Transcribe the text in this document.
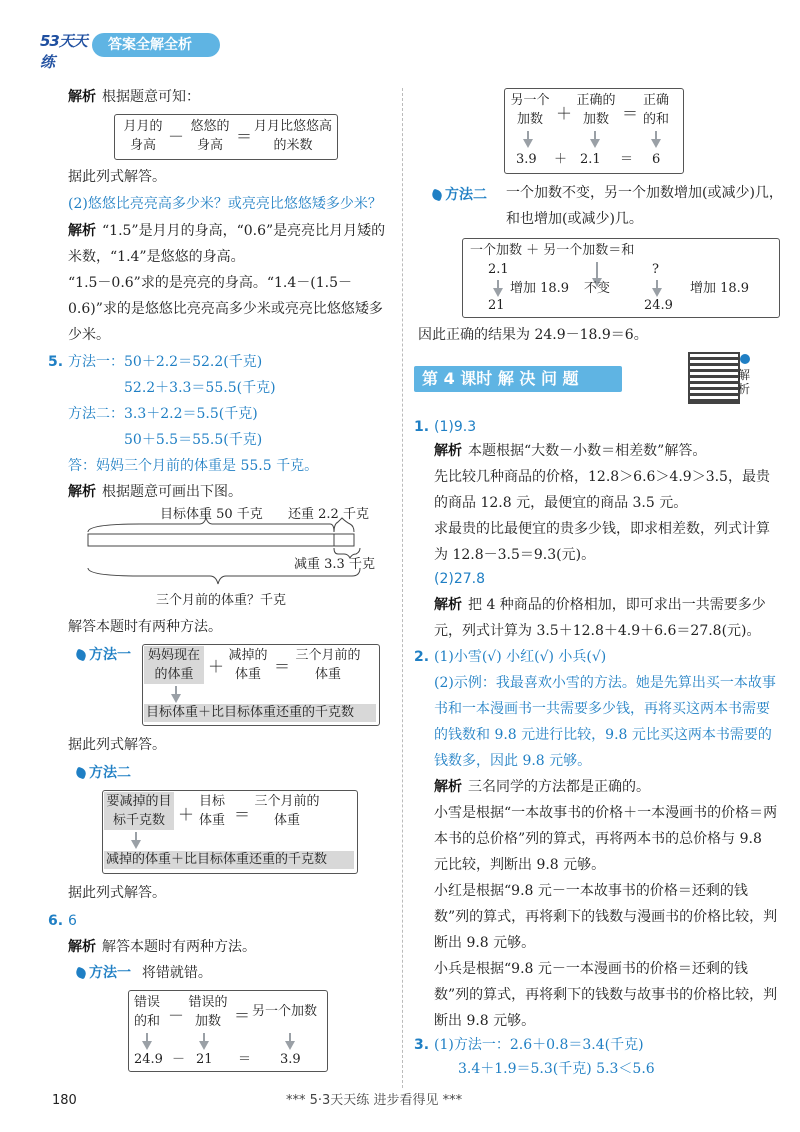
53天天练
答案全解全析
解析 根据题意可知：
月月的身高 －
悠悠的身高 ＝
月月比悠悠高的米数
据此列式解答。
(2)悠悠比亮亮高多少米？或亮亮比悠悠矮多少米？
解析 “1.5”是月月的身高，“0.6”是亮亮比月月矮的米数，“1.4”是悠悠的身高。
“1.5－0.6”求的是亮亮的身高。“1.4－(1.5－0.6)”求的是悠悠比亮亮高多少米或亮亮比悠悠矮多少米。
5. 方法一：50＋2.2＝52.2(千克)
52.2＋3.3＝55.5(千克)
方法二：3.3＋2.2＝5.5(千克)
50＋5.5＝55.5(千克)
答：妈妈三个月前的体重是 55.5 千克。
解析 根据题意可画出下图。
目标体重 50 千克 还重 2.2 千克
减重 3.3 千克
三个月前的体重？千克
解答本题时有两种方法。
方法一	妈妈现在的体重 ＋
减掉的体重 ＝
三个月前的体重
目标体重＋比目标体重还重的千克数
据此列式解答。
方法二
要减掉的目标千克数 ＋
目标体重 ＝
三个月前的体重
减掉的体重＋比目标体重还重的千克数
据此列式解答。
6. 6
解析 解答本题时有两种方法。
方法一 将错就错。
错误的和 －
错误的加数 ＝ 另一个加数
24.9 － 21 ＝ 3.9
另一个加数 ＋
正确的加数 ＝
正确的和
3.9 ＋ 2.1 ＝ 6
方法二 一个加数不变，另一个加数增加(或减少)几，和也增加(或减少)几。
一个加数 ＋ 另一个加数＝和
2.1
增加 18.9
21
不变
?
增加 18.9
24.9
因此正确的结果为 24.9－18.9＝6。
第 4 课时 解 决 问 题	解析
1. (1)9.3
解析 本题根据“大数－小数＝相差数”解答。
先比较几种商品的价格，12.8＞6.6＞4.9＞3.5，最贵的商品 12.8 元，最便宜的商品 3.5 元。
求最贵的比最便宜的贵多少钱，即求相差数，列式计算为 12.8－3.5＝9.3(元)。
(2)27.8
解析 把 4 种商品的价格相加，即可求出一共需要多少元，列式计算为 3.5＋12.8＋4.9＋6.6＝27.8(元)。
2. (1)小雪(√) 小红(√) 小兵(√)
(2)示例：我最喜欢小雪的方法。她是先算出买一本故事书和一本漫画书一共需要多少钱，再将买这两本书需要的钱数和 9.8 元进行比较，9.8 元比买这两本书需要的钱数多，因此 9.8 元够。
解析 三名同学的方法都是正确的。
小雪是根据“一本故事书的价格＋一本漫画书的价格＝两本书的总价格”列的算式，再将两本书的总价格与 9.8 元比较，判断出 9.8 元够。
小红是根据“9.8 元－一本故事书的价格＝还剩的钱数”列的算式，再将剩下的钱数与漫画书的价格比较，判断出 9.8 元够。
小兵是根据“9.8 元－一本漫画书的价格＝还剩的钱数”列的算式，再将剩下的钱数与故事书的价格比较，判断出 9.8 元够。
3. (1)方法一：2.6＋0.8＝3.4(千克)
3.4＋1.9＝5.3(千克) 5.3＜5.6
180	*** 5·3天天练 进步看得见 ***
